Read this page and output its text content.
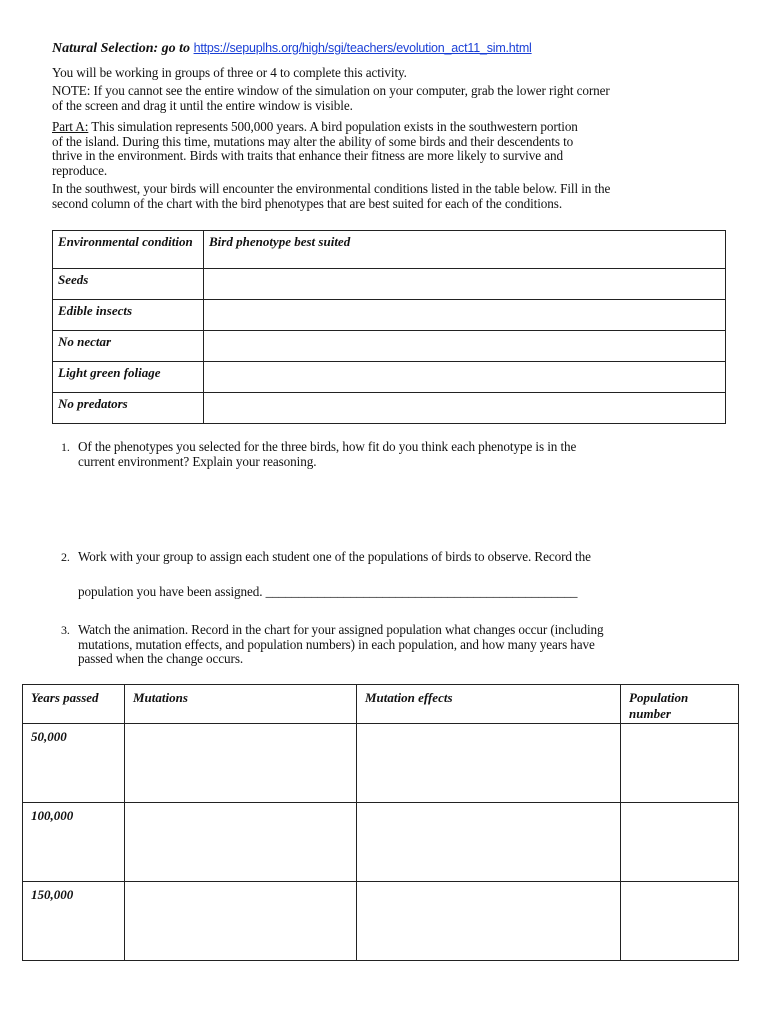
Natural Selection: go to https://sepuplhs.org/high/sgi/teachers/evolution_act11_sim.html
You will be working in groups of three or 4 to complete this activity.
NOTE: If you cannot see the entire window of the simulation on your computer, grab the lower right corner
of the screen and drag it until the entire window is visible.
Part A: This simulation represents 500,000 years. A bird population exists in the southwestern portion
of the island. During this time, mutations may alter the ability of some birds and their descendents to
thrive in the environment. Birds with traits that enhance their fitness are more likely to survive and
reproduce.
In the southwest, your birds will encounter the environmental conditions listed in the table below. Fill in the
second column of the chart with the bird phenotypes that are best suited for each of the conditions.
Environmental condition	Bird phenotype best suited
Seeds	
Edible insects	
No nectar	
Light green foliage	
No predators	
1. Of the phenotypes you selected for the three birds, how fit do you think each phenotype is in the
current environment? Explain your reasoning.
2. Work with your group to assign each student one of the populations of birds to observe. Record the
population you have been assigned. ________________________________________________
3. Watch the animation. Record in the chart for your assigned population what changes occur (including
mutations, mutation effects, and population numbers) in each population, and how many years have
passed when the change occurs.
Years passed	Mutations	Mutation effects	Population number
50,000			
100,000			
150,000			
